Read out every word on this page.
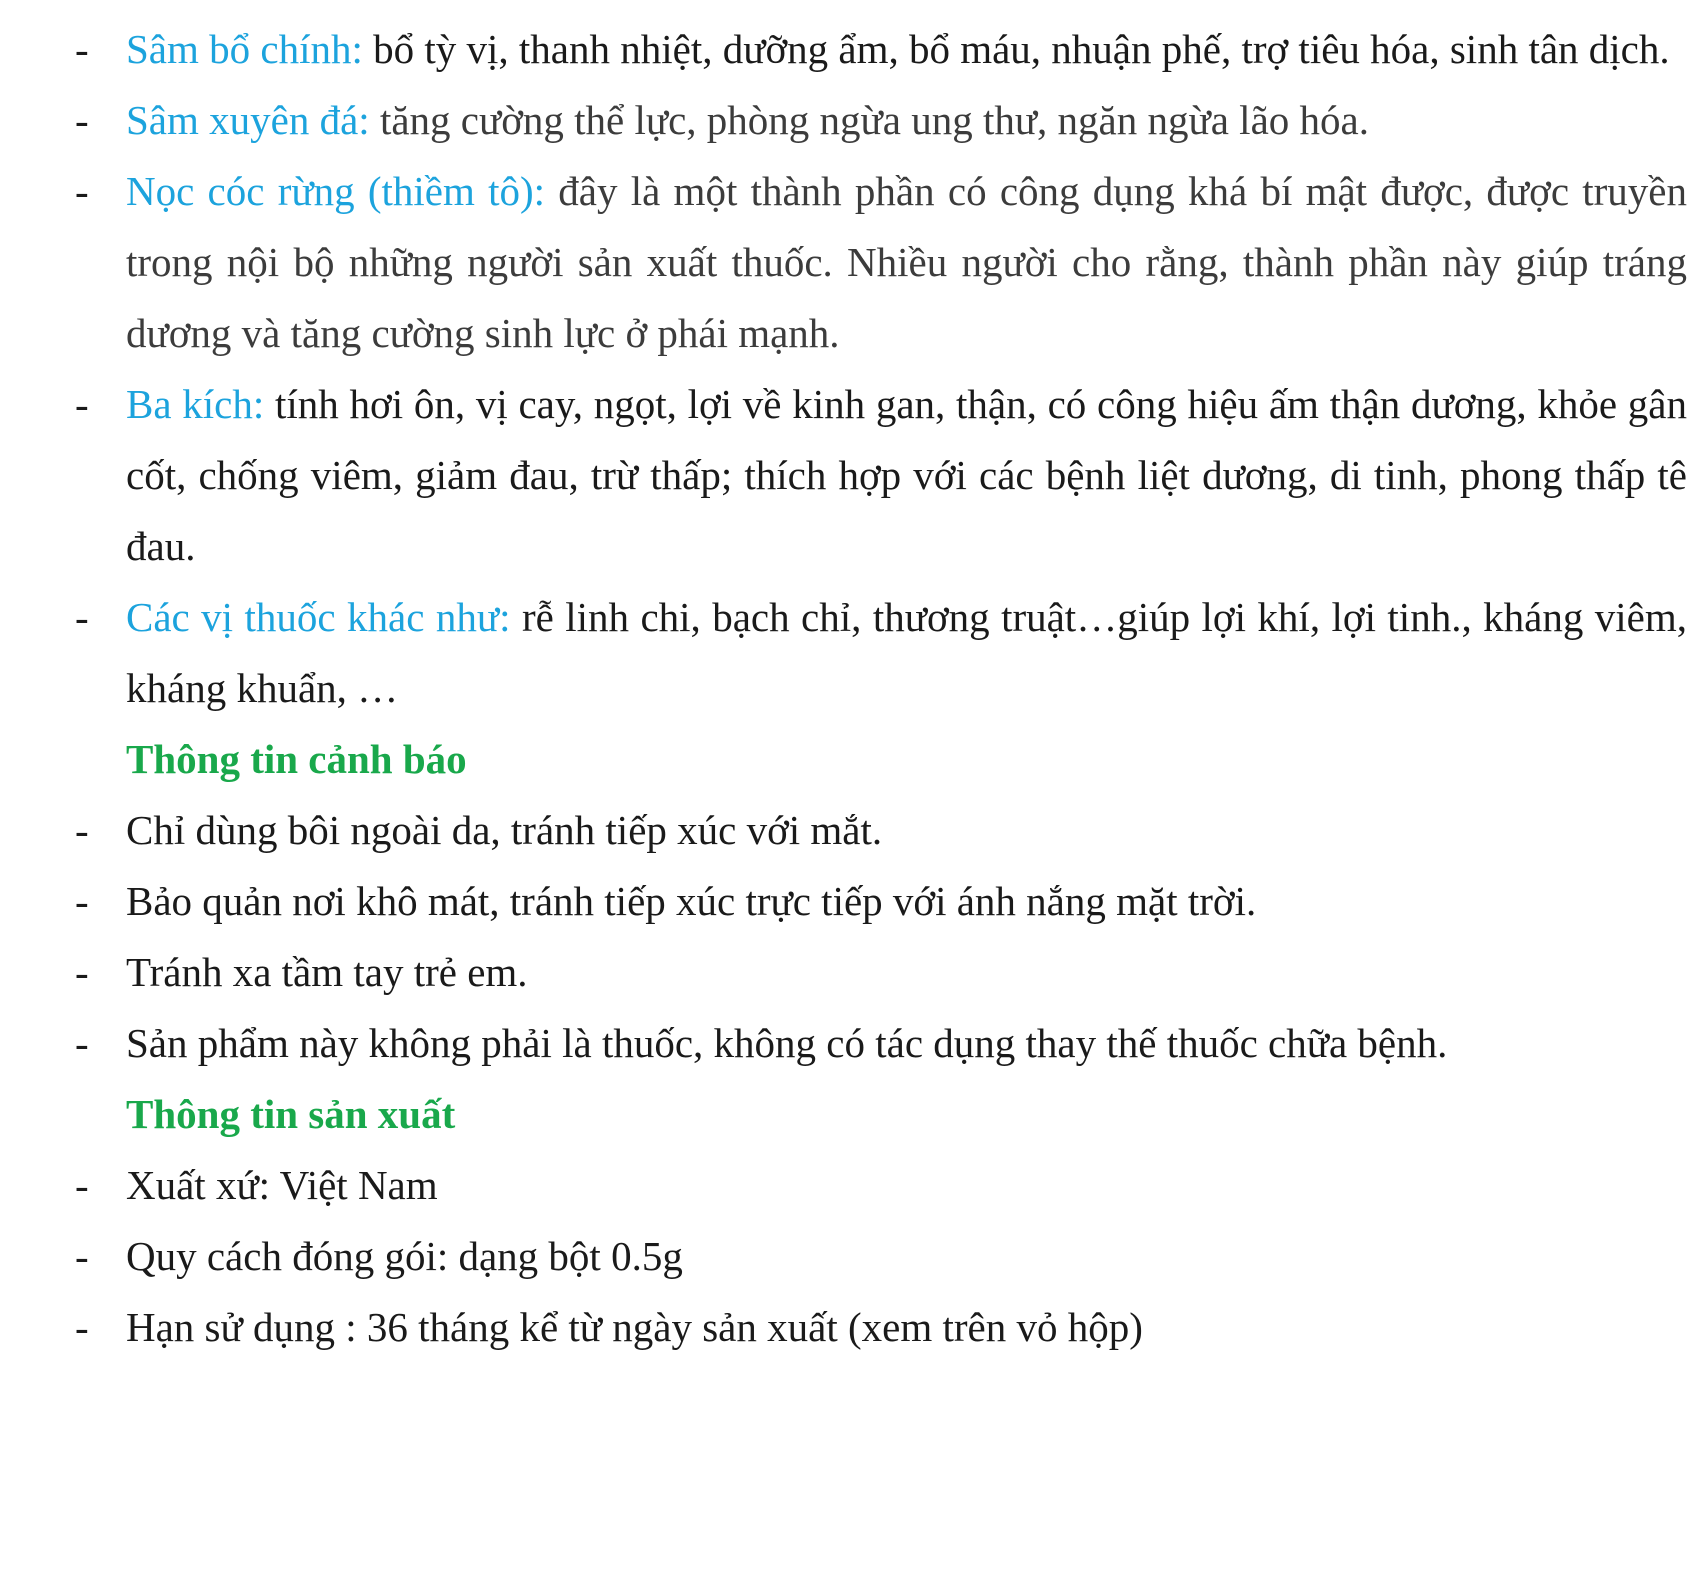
- Sâm bổ chính: bổ tỳ vị, thanh nhiệt, dưỡng ẩm, bổ máu, nhuận phế, trợ tiêu hóa, sinh tân dịch.
- Sâm xuyên đá: tăng cường thể lực, phòng ngừa ung thư, ngăn ngừa lão hóa.
- Nọc cóc rừng (thiềm tô): đây là một thành phần có công dụng khá bí mật được, được truyền trong nội bộ những người sản xuất thuốc. Nhiều người cho rằng, thành phần này giúp tráng dương và tăng cường sinh lực ở phái mạnh.
- Ba kích: tính hơi ôn, vị cay, ngọt, lợi về kinh gan, thận, có công hiệu ấm thận dương, khỏe gân cốt, chống viêm, giảm đau, trừ thấp; thích hợp với các bệnh liệt dương, di tinh, phong thấp tê đau.
- Các vị thuốc khác như: rễ linh chi, bạch chỉ, thương truật…giúp lợi khí, lợi tinh., kháng viêm, kháng khuẩn, …
Thông tin cảnh báo
- Chỉ dùng bôi ngoài da, tránh tiếp xúc với mắt.
- Bảo quản nơi khô mát, tránh tiếp xúc trực tiếp với ánh nắng mặt trời.
- Tránh xa tầm tay trẻ em.
- Sản phẩm này không phải là thuốc, không có tác dụng thay thế thuốc chữa bệnh.
Thông tin sản xuất
- Xuất xứ: Việt Nam
- Quy cách đóng gói: dạng bột 0.5g
- Hạn sử dụng : 36 tháng kể từ ngày sản xuất (xem trên vỏ hộp)
